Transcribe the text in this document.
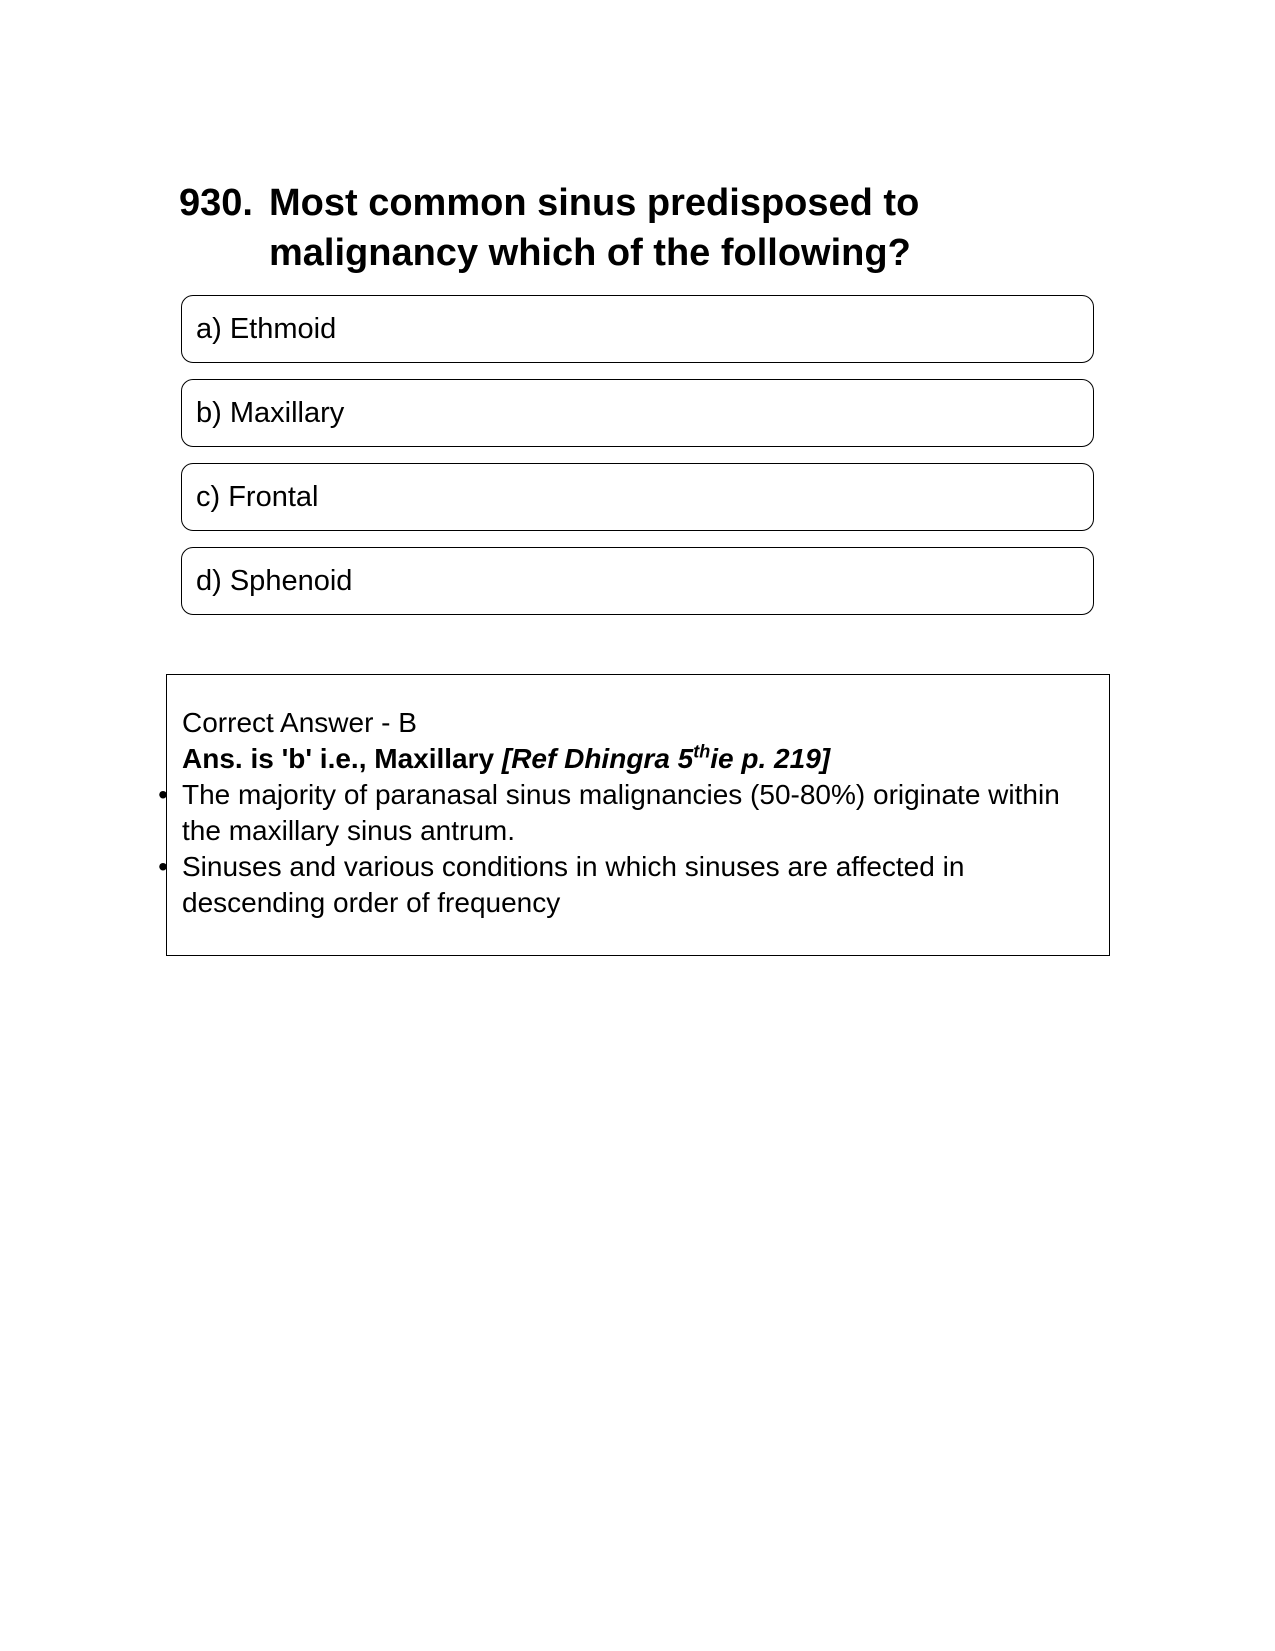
930. Most common sinus predisposed to malignancy which of the following?
a) Ethmoid
b) Maxillary
c) Frontal
d) Sphenoid

Correct Answer - B

Ans. is 'b' i.e., Maxillary [Ref Dhingra 5thie p. 219]

• The majority of paranasal sinus malignancies (50-80%) originate within the maxillary sinus antrum.
• Sinuses and various conditions in which sinuses are affected in descending order of frequency
